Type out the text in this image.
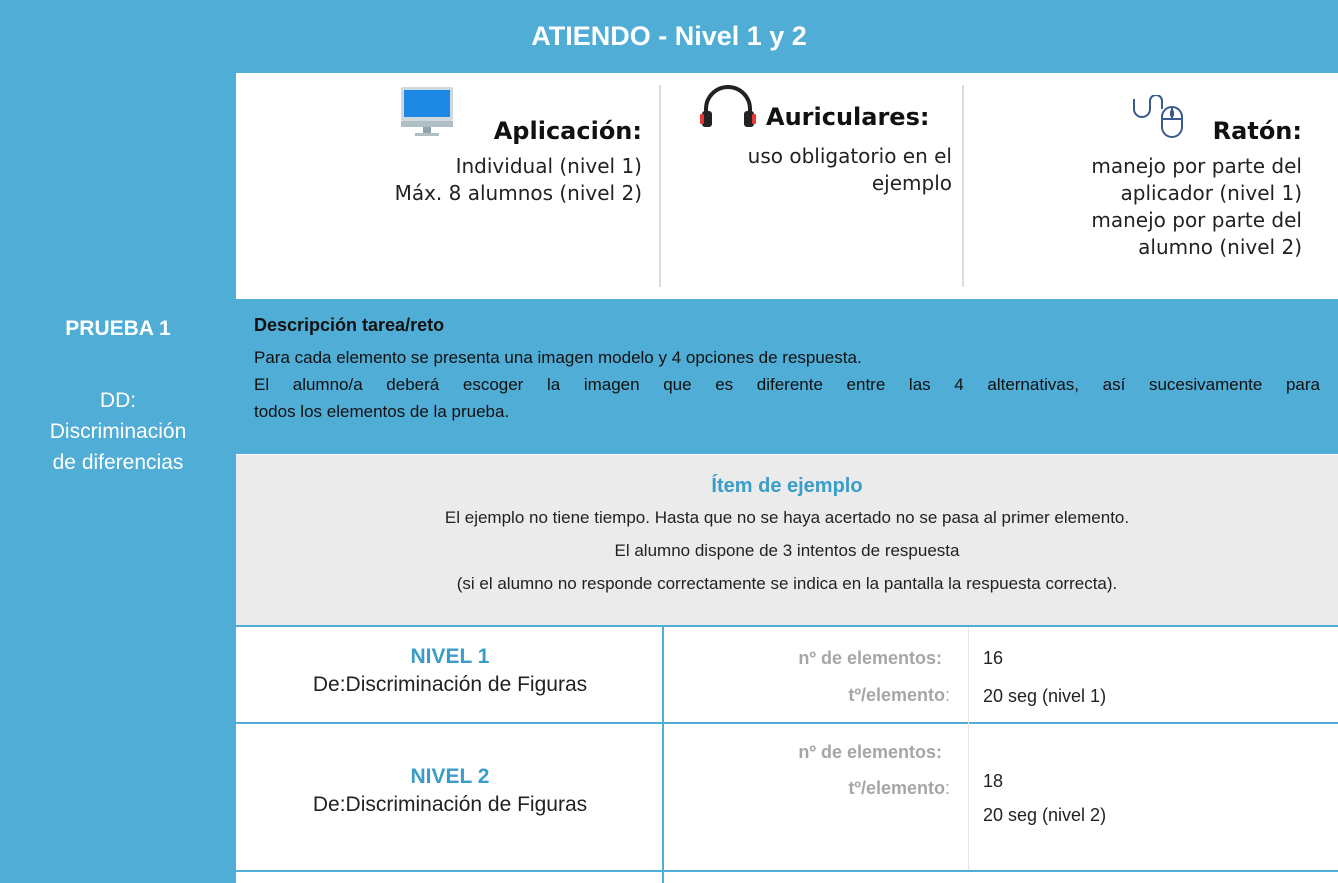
ATIENDO - Nivel 1 y 2
PRUEBA 1
DD:
Discriminación
de diferencias
Aplicación:
Individual (nivel 1)
Máx. 8 alumnos (nivel 2)
Auriculares:
uso obligatorio en el
ejemplo
Ratón:
manejo por parte del
aplicador (nivel 1)
manejo por parte del
alumno (nivel 2)
Descripción tarea/reto
Para cada elemento se presenta una imagen modelo y 4 opciones de respuesta.
El alumno/a deberá escoger la imagen que es diferente entre las 4 alternativas, así sucesivamente para
todos los elementos de la prueba.
Ítem de ejemplo
El ejemplo no tiene tiempo. Hasta que no se haya acertado no se pasa al primer elemento.
El alumno dispone de 3 intentos de respuesta
(si el alumno no responde correctamente se indica en la pantalla la respuesta correcta).
NIVEL 1
De:Discriminación de Figuras
nº de elementos:
tº/elemento:
16
20 seg (nivel 1)
NIVEL 2
De:Discriminación de Figuras
nº de elementos:
tº/elemento: 18
20 seg (nivel 2)
